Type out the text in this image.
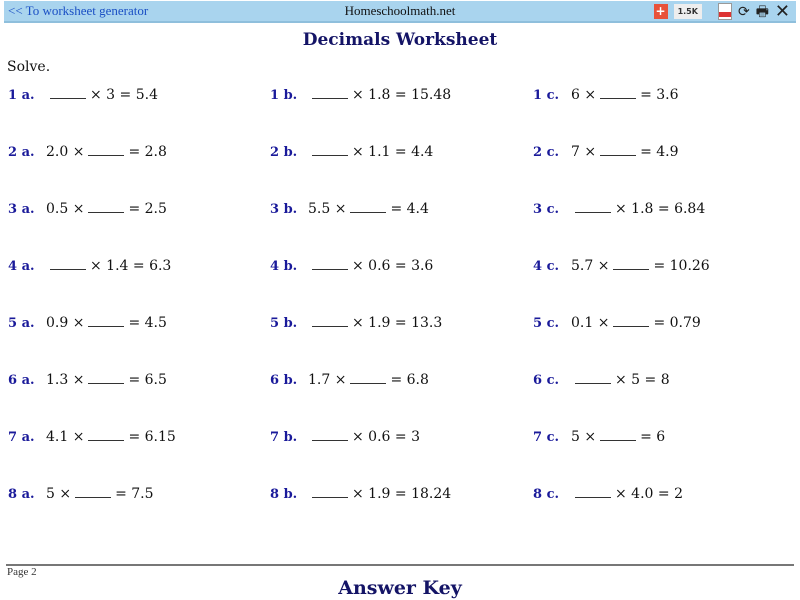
<< To worksheet generator	Homeschoolmath.net	+	1.5K	⟳ 🖶 ✕
Decimals Worksheet
Solve.
1 a.	× 3 = 5.4	1 b.	× 1.8 = 15.48	1 c. 6 ×	= 3.6
2 a. 2.0 ×	= 2.8	2 b.	× 1.1 = 4.4	2 c. 7 ×	= 4.9
3 a. 0.5 ×	= 2.5	3 b. 5.5 ×	= 4.4	3 c.	× 1.8 = 6.84
4 a.	× 1.4 = 6.3	4 b.	× 0.6 = 3.6	4 c. 5.7 ×	= 10.26
5 a. 0.9 ×	= 4.5	5 b.	× 1.9 = 13.3	5 c. 0.1 ×	= 0.79
6 a. 1.3 ×	= 6.5	6 b. 1.7 ×	= 6.8	6 c.	× 5 = 8
7 a. 4.1 ×	= 6.15	7 b.	× 0.6 = 3	7 c. 5 ×	= 6
8 a. 5 ×	= 7.5	8 b.	× 1.9 = 18.24	8 c.	× 4.0 = 2
Page 2
Answer Key
